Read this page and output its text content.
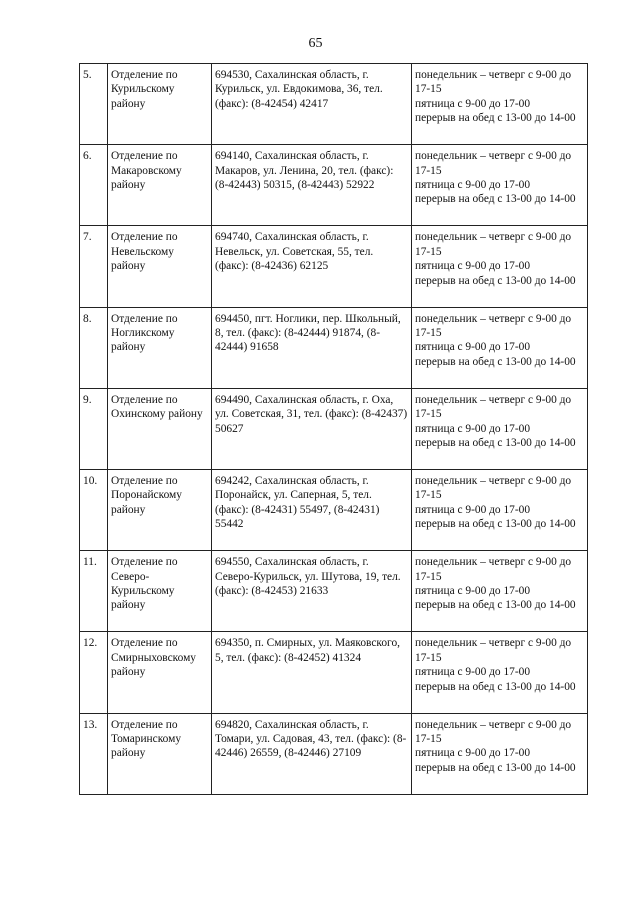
65
5.	Отделение по Курильскому району	694530, Сахалинская область, г. Курильск, ул. Евдокимова, 36, тел. (факс): (8-42454) 42417	понедельник – четверг с 9-00 до 17-15
пятница с 9-00 до 17-00
перерыв на обед с 13-00 до 14-00

6.	Отделение по Макаровскому району	694140, Сахалинская область, г. Макаров, ул. Ленина, 20, тел. (факс): (8-42443) 50315, (8-42443) 52922	понедельник – четверг с 9-00 до 17-15
пятница с 9-00 до 17-00
перерыв на обед с 13-00 до 14-00

7.	Отделение по Невельскому району	694740, Сахалинская область, г. Невельск, ул. Советская, 55, тел. (факс): (8-42436) 62125	понедельник – четверг с 9-00 до 17-15
пятница с 9-00 до 17-00
перерыв на обед с 13-00 до 14-00

8.	Отделение по Ногликскому району	694450, пгт. Ноглики, пер. Школьный, 8, тел. (факс): (8-42444) 91874, (8-42444) 91658	понедельник – четверг с 9-00 до 17-15
пятница с 9-00 до 17-00
перерыв на обед с 13-00 до 14-00

9.	Отделение по Охинскому району	694490, Сахалинская область, г. Оха, ул. Советская, 31, тел. (факс): (8-42437) 50627	понедельник – четверг с 9-00 до 17-15
пятница с 9-00 до 17-00
перерыв на обед с 13-00 до 14-00

10.	Отделение по Поронайскому району	694242, Сахалинская область, г. Поронайск, ул. Саперная, 5, тел. (факс): (8-42431) 55497, (8-42431) 55442	понедельник – четверг с 9-00 до 17-15
пятница с 9-00 до 17-00
перерыв на обед с 13-00 до 14-00

11.	Отделение по Северо-Курильскому району	694550, Сахалинская область, г. Северо-Курильск, ул. Шутова, 19, тел. (факс): (8-42453) 21633	понедельник – четверг с 9-00 до 17-15
пятница с 9-00 до 17-00
перерыв на обед с 13-00 до 14-00

12.	Отделение по Смирныховскому району	694350, п. Смирных, ул. Маяковского, 5, тел. (факс): (8-42452) 41324	понедельник – четверг с 9-00 до 17-15
пятница с 9-00 до 17-00
перерыв на обед с 13-00 до 14-00

13.	Отделение по Томаринскому району	694820, Сахалинская область, г. Томари, ул. Садовая, 43, тел. (факс): (8-42446) 26559, (8-42446) 27109	понедельник – четверг с 9-00 до 17-15
пятница с 9-00 до 17-00
перерыв на обед с 13-00 до 14-00
